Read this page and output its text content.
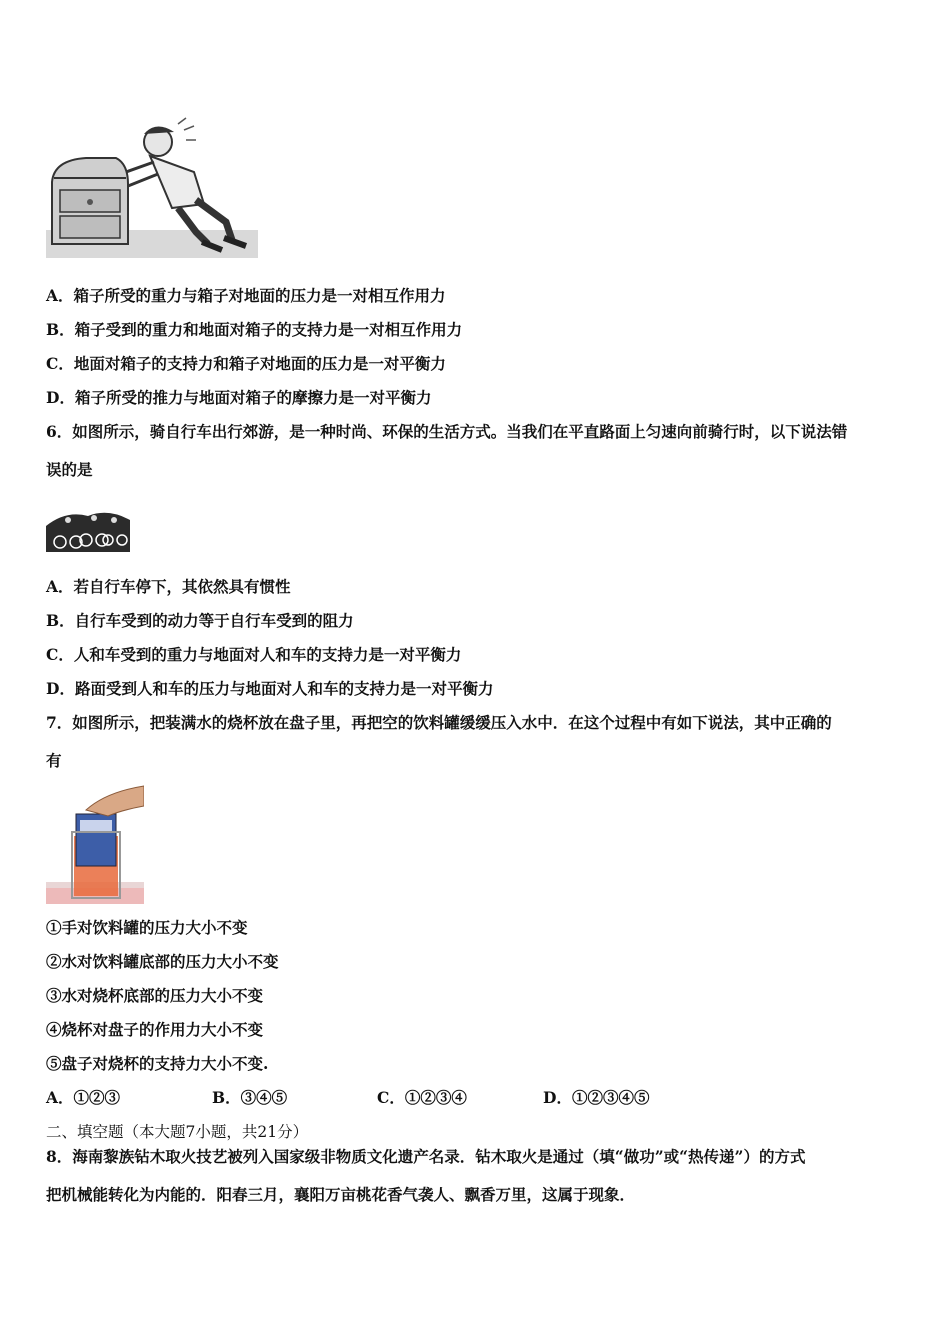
A．箱子所受的重力与箱子对地面的压力是一对相互作用力
B．箱子受到的重力和地面对箱子的支持力是一对相互作用力
C．地面对箱子的支持力和箱子对地面的压力是一对平衡力
D．箱子所受的推力与地面对箱子的摩擦力是一对平衡力
6．如图所示，骑自行车出行郊游，是一种时尚、环保的生活方式。当我们在平直路面上匀速向前骑行时，以下说法错
误的是
A．若自行车停下，其依然具有惯性
B．自行车受到的动力等于自行车受到的阻力
C．人和车受到的重力与地面对人和车的支持力是一对平衡力
D．路面受到人和车的压力与地面对人和车的支持力是一对平衡力
7．如图所示，把装满水的烧杯放在盘子里，再把空的饮料罐缓缓压入水中．在这个过程中有如下说法，其中正确的
有
①手对饮料罐的压力大小不变
②水对饮料罐底部的压力大小不变
③水对烧杯底部的压力大小不变
④烧杯对盘子的作用力大小不变
⑤盘子对烧杯的支持力大小不变.
A．①②③	B．③④⑤	C．①②③④	D．①②③④⑤
二、填空题（本大题7小题，共21分）
8．海南黎族钻木取火技艺被列入国家级非物质文化遗产名录．钻木取火是通过（填“做功”或“热传递”）的方式
把机械能转化为内能的．阳春三月，襄阳万亩桃花香气袭人、飘香万里，这属于现象．
